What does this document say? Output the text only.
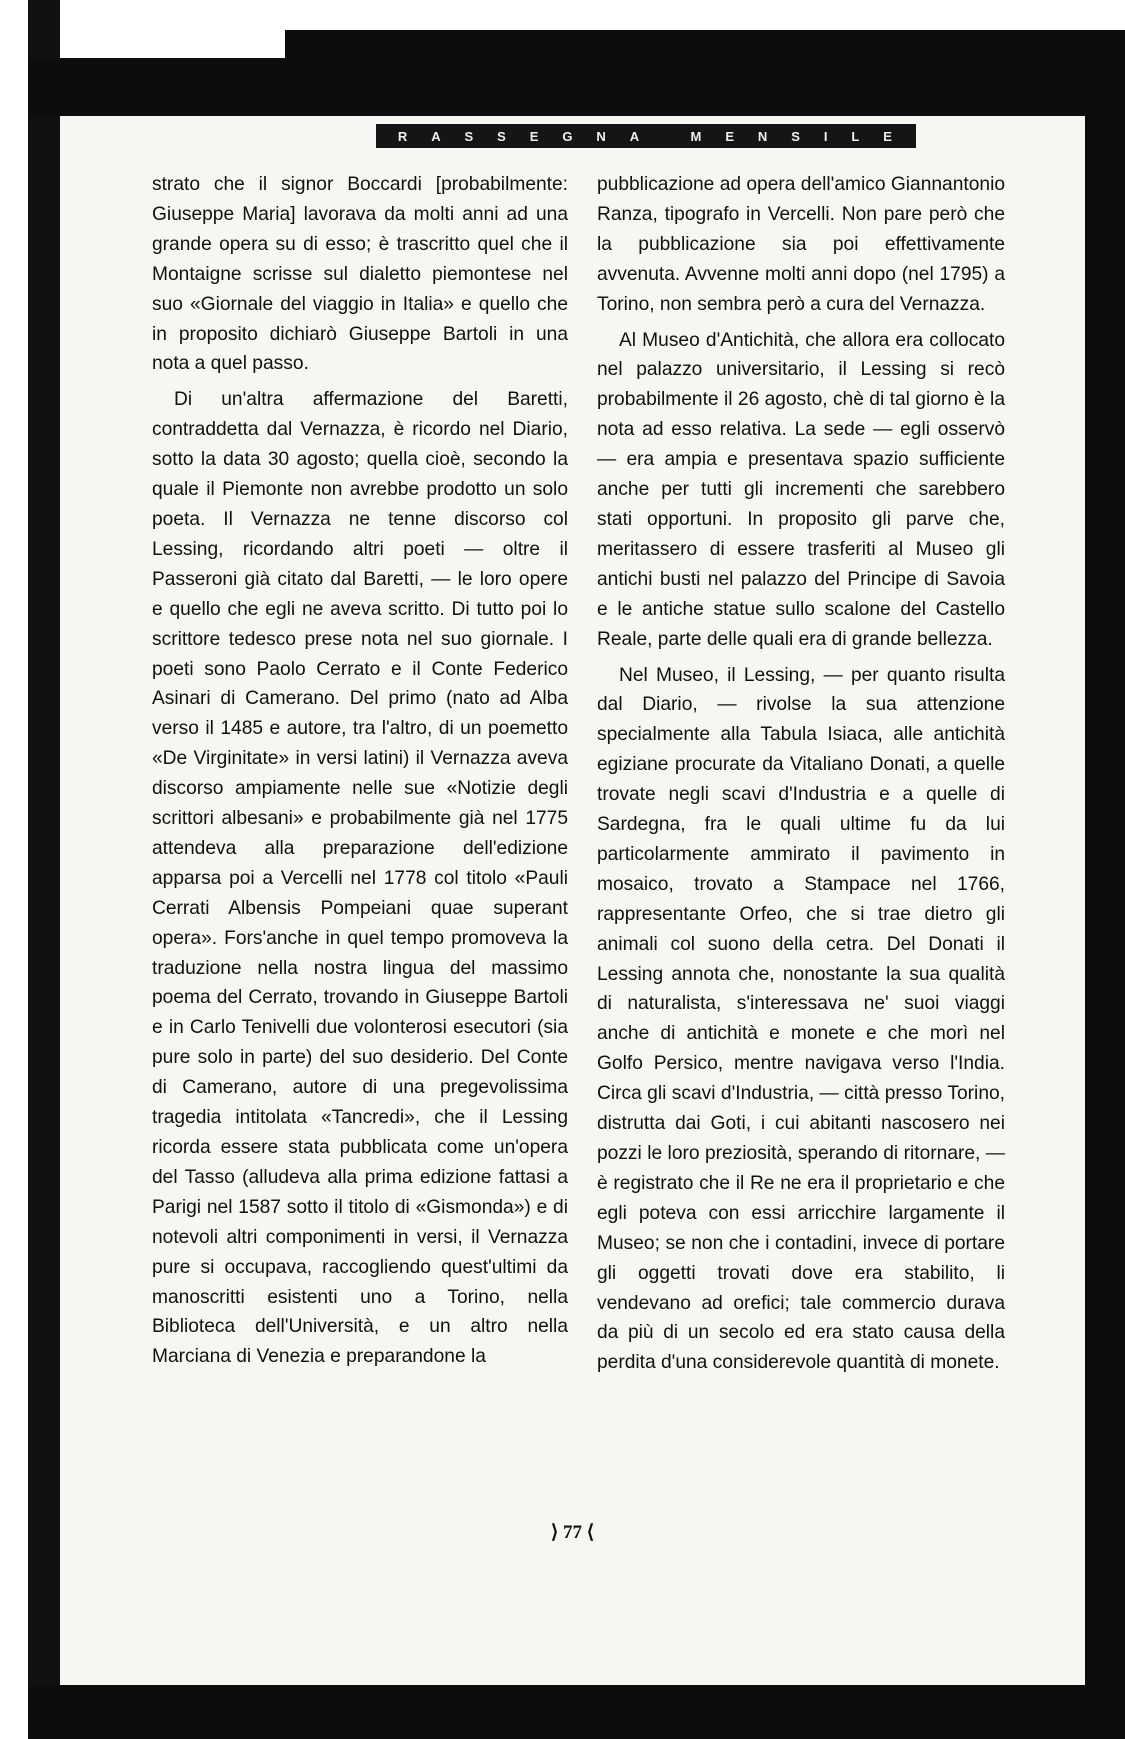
R A S S E G N A
	M E N S I L E

strato che il signor Boccardi [probabilmente: Giuseppe Maria] lavorava da molti anni ad una grande opera su di esso; è trascritto quel che il Montaigne scrisse sul dialetto piemontese nel suo «Giornale del viaggio in Italia» e quello che in proposito dichiarò Giuseppe Bartoli in una nota a quel passo.

Di un'altra affermazione del Baretti, contraddetta dal Vernazza, è ricordo nel Diario, sotto la data 30 agosto; quella cioè, secondo la quale il Piemonte non avrebbe prodotto un solo poeta. Il Vernazza ne tenne discorso col Lessing, ricordando altri poeti — oltre il Passeroni già citato dal Baretti, — le loro opere e quello che egli ne aveva scritto. Di tutto poi lo scrittore tedesco prese nota nel suo giornale. I poeti sono Paolo Cerrato e il Conte Federico Asinari di Camerano. Del primo (nato ad Alba verso il 1485 e autore, tra l'altro, di un poemetto «De Virginitate» in versi latini) il Vernazza aveva discorso ampiamente nelle sue «Notizie degli scrittori albesani» e probabilmente già nel 1775 attendeva alla preparazione dell'edizione apparsa poi a Vercelli nel 1778 col titolo «Pauli Cerrati Albensis Pompeiani quae superant opera». Fors'anche in quel tempo promoveva la traduzione nella nostra lingua del massimo poema del Cerrato, trovando in Giuseppe Bartoli e in Carlo Tenivelli due volonterosi esecutori (sia pure solo in parte) del suo desiderio. Del Conte di Camerano, autore di una pregevolissima tragedia intitolata «Tancredi», che il Lessing ricorda essere stata pubblicata come un'opera del Tasso (alludeva alla prima edizione fattasi a Parigi nel 1587 sotto il titolo di «Gismonda») e di notevoli altri componimenti in versi, il Vernazza pure si occupava, raccogliendo quest'ultimi da manoscritti esistenti uno a Torino, nella Biblioteca dell'Università, e un altro nella Marciana di Venezia e preparandone la

pubblicazione ad opera dell'amico Giannantonio Ranza, tipografo in Vercelli. Non pare però che la pubblicazione sia poi effettivamente avvenuta. Avvenne molti anni dopo (nel 1795) a Torino, non sembra però a cura del Vernazza.

Al Museo d'Antichità, che allora era collocato nel palazzo universitario, il Lessing si recò probabilmente il 26 agosto, chè di tal giorno è la nota ad esso relativa. La sede — egli osservò — era ampia e presentava spazio sufficiente anche per tutti gli incrementi che sarebbero stati opportuni. In proposito gli parve che, meritassero di essere trasferiti al Museo gli antichi busti nel palazzo del Principe di Savoia e le antiche statue sullo scalone del Castello Reale, parte delle quali era di grande bellezza.

Nel Museo, il Lessing, — per quanto risulta dal Diario, — rivolse la sua attenzione specialmente alla Tabula Isiaca, alle antichità egiziane procurate da Vitaliano Donati, a quelle trovate negli scavi d'Industria e a quelle di Sardegna, fra le quali ultime fu da lui particolarmente ammirato il pavimento in mosaico, trovato a Stampace nel 1766, rappresentante Orfeo, che si trae dietro gli animali col suono della cetra. Del Donati il Lessing annota che, nonostante la sua qualità di naturalista, s'interessava ne' suoi viaggi anche di antichità e monete e che morì nel Golfo Persico, mentre navigava verso l'India. Circa gli scavi d'Industria, — città presso Torino, distrutta dai Goti, i cui abitanti nascosero nei pozzi le loro preziosità, sperando di ritornare, — è registrato che il Re ne era il proprietario e che egli poteva con essi arricchire largamente il Museo; se non che i contadini, invece di portare gli oggetti trovati dove era stabilito, li vendevano ad orefici; tale commercio durava da più di un secolo ed era stato causa della perdita d'una considerevole quantità di monete.

⟩ 77 ⟨
